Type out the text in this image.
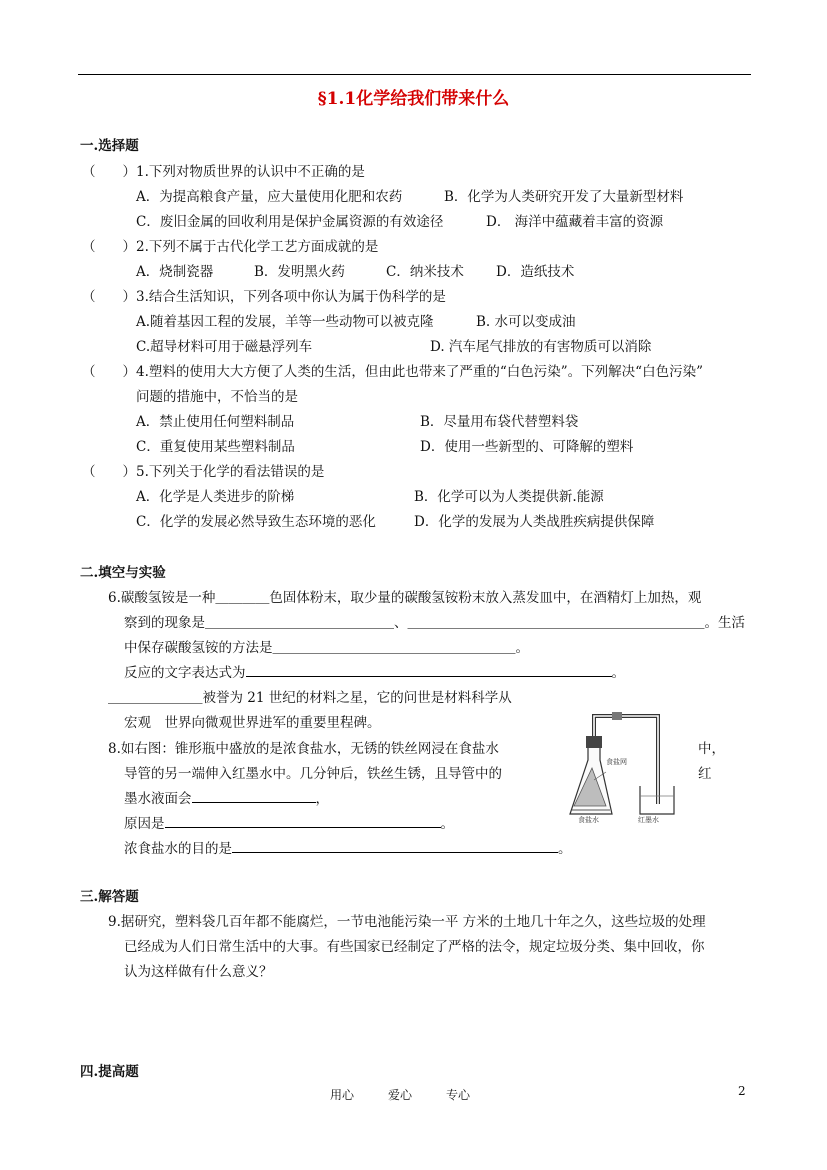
§1.1化学给我们带来什么
一.选择题
（　　）1.下列对物质世界的认识中不正确的是
A．为提高粮食产量，应大量使用化肥和农药	B．化学为人类研究开发了大量新型材料
C．废旧金属的回收利用是保护金属资源的有效途径	D． 海洋中蕴藏着丰富的资源
（　　）2.下列不属于古代化学工艺方面成就的是
A．烧制瓷器	B．发明黑火药	C．纳米技术 D．造纸技术
（　　）3.结合生活知识，下列各项中你认为属于伪科学的是
A.随着基因工程的发展，羊等一些动物可以被克隆	B. 水可以变成油
C.超导材料可用于磁悬浮列车	D. 汽车尾气排放的有害物质可以消除
（　　）4.塑料的使用大大方便了人类的生活，但由此也带来了严重的“白色污染”。下列解决“白色污染”
问题的措施中，不恰当的是
A．禁止使用任何塑料制品	B．尽量用布袋代替塑料袋
C．重复使用某些塑料制品	D．使用一些新型的、可降解的塑料
（　　）5.下列关于化学的看法错误的是
A．化学是人类进步的阶梯	B．化学可以为人类提供新.能源
C．化学的发展必然导致生态环境的恶化	D．化学的发展为人类战胜疾病提供保障
二.填空与实验
6.碳酸氢铵是一种＿＿＿＿色固体粉末，取少量的碳酸氢铵粉末放入蒸发皿中，在酒精灯上加热，观
察到的现象是＿＿＿＿＿＿＿＿＿＿＿＿＿＿、＿＿＿＿＿＿＿＿＿＿＿＿＿＿＿＿＿＿＿＿＿＿。生活
中保存碳酸氢铵的方法是＿＿＿＿＿＿＿＿＿＿＿＿＿＿＿＿＿＿。
反应的文字表达式为	。
＿＿＿＿＿＿＿被誉为 21 世纪的材料之星，它的问世是材料科学从
宏观　世界向微观世界进军的重要里程碑。
8.如右图：锥形瓶中盛放的是浓食盐水，无锈的铁丝网浸在食盐水	中，
导管的另一端伸入红墨水中。几分钟后，铁丝生锈，且导管中的	红
墨水液面会	，
原因是	。
浓食盐水的目的是	。
食盐网
食盐水	红墨水
三.解答题
9.据研究，塑料袋几百年都不能腐烂，一节电池能污染一平 方米的土地几十年之久，这些垃圾的处理
已经成为人们日常生活中的大事。有些国家已经制定了严格的法令，规定垃圾分类、集中回收，你
认为这样做有什么意义？
四.提高题
用心	爱心	专心	2
